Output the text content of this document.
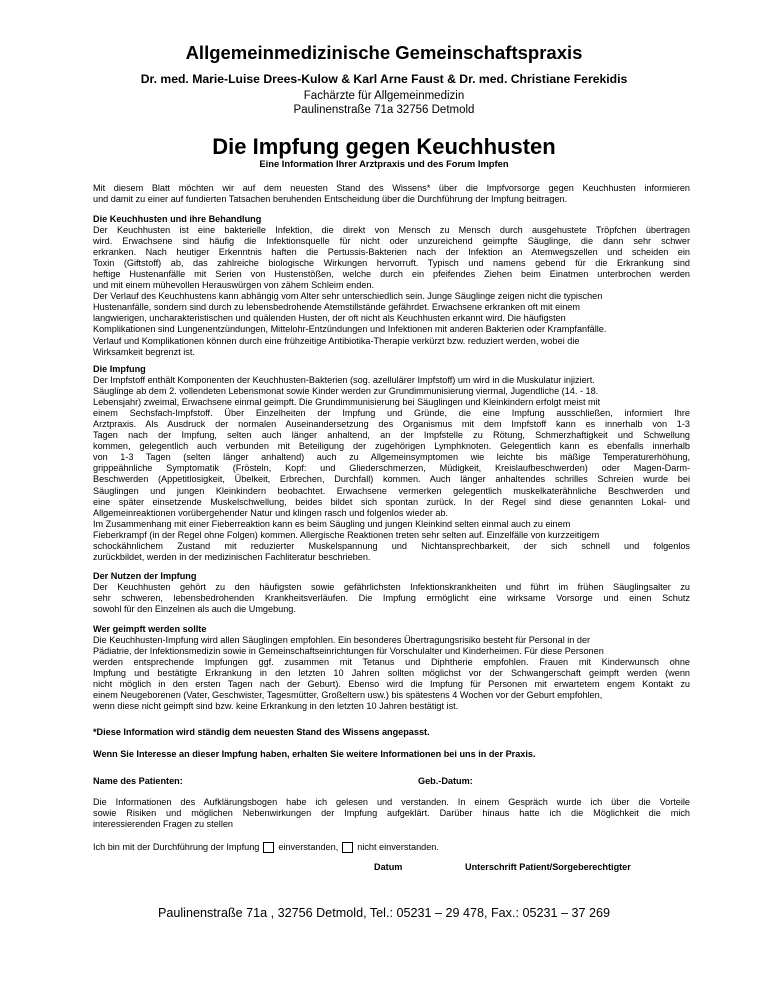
Allgemeinmedizinische Gemeinschaftspraxis
Dr. med. Marie-Luise Drees-Kulow & Karl Arne Faust & Dr. med. Christiane Ferekidis
Fachärzte für Allgemeinmedizin
Paulinenstraße 71a 32756 Detmold
Die Impfung gegen Keuchhusten
Eine Information Ihrer Arztpraxis und des Forum Impfen
Mit diesem Blatt möchten wir auf dem neuesten Stand des Wissens* über die Impfvorsorge gegen Keuchhusten informieren
und damit zu einer auf fundierten Tatsachen beruhenden Entscheidung über die Durchführung der Impfung beitragen.
Die Keuchhusten und ihre Behandlung
Der Keuchhusten ist eine bakterielle Infektion, die direkt von Mensch zu Mensch durch ausgehustete Tröpfchen übertragen
wird. Erwachsene sind häufig die Infektionsquelle für nicht oder unzureichend geimpfte Säuglinge, die dann sehr schwer
erkranken. Nach heutiger Erkenntnis haften die Pertussis-Bakterien nach der Infektion an Atemwegszellen und scheiden ein
Toxin (Giftstoff) ab, das zahlreiche biologische Wirkungen hervorruft. Typisch und namens gebend für die Erkrankung sind
heftige Hustenanfälle mit Serien von Hustenstößen, welche durch ein pfeifendes Ziehen beim Einatmen unterbrochen werden
und mit einem mühevollen Herauswürgen von zähem Schleim enden.
Der Verlauf des Keuchhustens kann abhängig vom Alter sehr unterschiedlich sein. Junge Säuglinge zeigen nicht die typischen
Hustenanfälle, sondern sind durch zu lebensbedrohende Atemstillstände gefährdet. Erwachsene erkranken oft mit einem
langwierigen, uncharakteristischen und quälenden Husten, der oft nicht als Keuchhusten erkannt wird. Die häufigsten
Komplikationen sind Lungenentzündungen, Mittelohr-Entzündungen und Infektionen mit anderen Bakterien oder Krampfanfälle.
Verlauf und Komplikationen können durch eine frühzeitige Antibiotika-Therapie verkürzt bzw. reduziert werden, wobei die
Wirksamkeit begrenzt ist.
Die Impfung
Der Impfstoff enthält Komponenten der Keuchhusten-Bakterien (sog. azellulärer Impfstoff) um wird in die Muskulatur injiziert.
Säuglinge ab dem 2. vollendeten Lebensmonat sowie Kinder werden zur Grundimmunisierung viermal, Jugendliche (14. - 18.
Lebensjahr) zweimal, Erwachsene einmal geimpft. Die Grundimmunisierung bei Säuglingen und Kleinkindern erfolgt meist mit
einem Sechsfach-Impfstoff. Über Einzelheiten der Impfung und Gründe, die eine Impfung ausschließen, informiert Ihre
Arztpraxis. Als Ausdruck der normalen Auseinandersetzung des Organismus mit dem Impfstoff kann es innerhalb von 1-3
Tagen nach der Impfung, selten auch länger anhaltend, an der Impfstelle zu Rötung, Schmerzhaftigkeit und Schwellung
kommen, gelegentlich auch verbunden mit Beteiligung der zugehörigen Lymphknoten. Gelegentlich kann es ebenfalls innerhalb
von 1-3 Tagen (selten länger anhaltend) auch zu Allgemeinsymptomen wie leichte bis mäßige Temperaturerhöhung,
grippeähnliche Symptomatik (Frösteln, Kopf: und Gliederschmerzen, Müdigkeit, Kreislaufbeschwerden) oder Magen-Darm-
Beschwerden (Appetitlosigkeit, Übelkeit, Erbrechen, Durchfall) kommen. Auch länger anhaltendes schrilles Schreien wurde bei
Säuglingen und jungen Kleinkindern beobachtet. Erwachsene vermerken gelegentlich muskelkaterähnliche Beschwerden und
eine später einsetzende Muskelschwellung, beides bildet sich spontan zurück. In der Regel sind diese genannten Lokal- und
Allgemeinreaktionen vorübergehender Natur und klingen rasch und folgenlos wieder ab.
Im Zusammenhang mit einer Fieberreaktion kann es beim Säugling und jungen Kleinkind selten einmal auch zu einem
Fieberkrampf (in der Regel ohne Folgen) kommen. Allergische Reaktionen treten sehr selten auf. Einzelfälle von kurzzeitigem
schockähnlichem Zustand mit reduzierter Muskelspannung und Nichtansprechbarkeit, der sich schnell und folgenlos
zurückbildet, werden in der medizinischen Fachliteratur beschrieben.
Der Nutzen der Impfung
Der Keuchhusten gehört zu den häufigsten sowie gefährlichsten Infektionskrankheiten und führt im frühen Säuglingsalter zu
sehr schweren, lebensbedrohenden Krankheitsverläufen. Die Impfung ermöglicht eine wirksame Vorsorge und einen Schutz
sowohl für den Einzelnen als auch die Umgebung.
Wer geimpft werden sollte
Die Keuchhusten-Impfung wird allen Säuglingen empfohlen. Ein besonderes Übertragungsrisiko besteht für Personal in der
Pädiatrie, der Infektionsmedizin sowie in Gemeinschaftseinrichtungen für Vorschulalter und Kinderheimen. Für diese Personen
werden entsprechende Impfungen ggf. zusammen mit Tetanus und Diphtherie empfohlen. Frauen mit Kinderwunsch ohne
Impfung und bestätigte Erkrankung in den letzten 10 Jahren sollten möglichst vor der Schwangerschaft geimpft werden (wenn
nicht möglich in den ersten Tagen nach der Geburt). Ebenso wird die Impfung für Personen mit erwartetem engem Kontakt zu
einem Neugeborenen (Vater, Geschwister, Tagesmütter, Großeltern usw.) bis spätestens 4 Wochen vor der Geburt empfohlen,
wenn diese nicht geimpft sind bzw. keine Erkrankung in den letzten 10 Jahren bestätigt ist.
*Diese Information wird ständig dem neuesten Stand des Wissens angepasst.
Wenn Sie Interesse an dieser Impfung haben, erhalten Sie weitere Informationen bei uns in der Praxis.
Name des Patienten:	Geb.-Datum:
Die Informationen des Aufklärungsbogen habe ich gelesen und verstanden. In einem Gespräch wurde ich über die Vorteile
sowie Risiken und möglichen Nebenwirkungen der Impfung aufgeklärt. Darüber hinaus hatte ich die Möglichkeit die mich
interessierenden Fragen zu stellen
Ich bin mit der Durchführung der Impfung einverstanden, nicht einverstanden.
Datum	Unterschrift Patient/Sorgeberechtigter
Paulinenstraße 71a , 32756 Detmold, Tel.: 05231 – 29 478, Fax.: 05231 – 37 269
